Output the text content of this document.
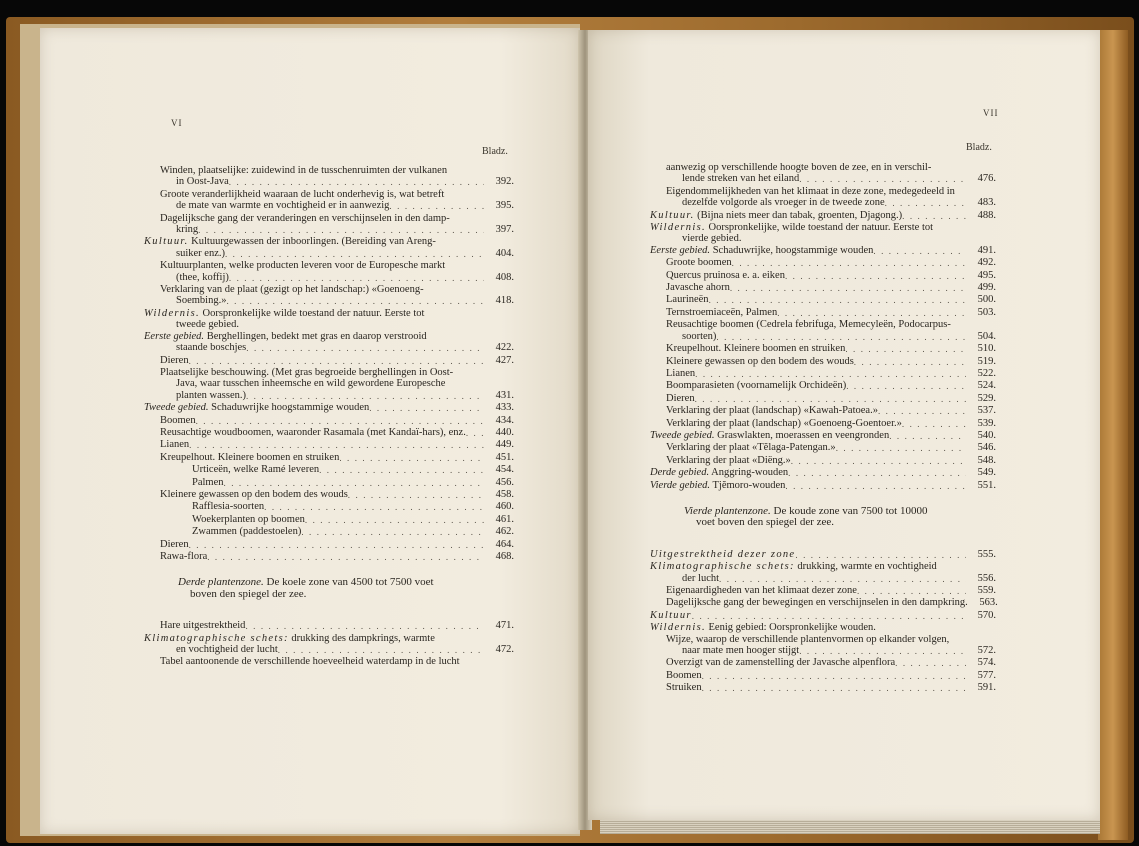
VI
Bladz.
Winden, plaatselijke: zuidewind in de tusschenruimten der vulkanen
in Oost-Java . . .	392.
Groote veranderlijkheid waaraan de lucht onderhevig is, wat betreft
de mate van warmte en vochtigheid er in aanwezig . . .	395.
Dagelijksche gang der veranderingen en verschijnselen in den damp-
kring . . .	397.
Kultuur. Kultuurgewassen der inboorlingen. (Bereiding van Areng-
suiker enz.) . . .	404.
Kultuurplanten, welke producten leveren voor de Europesche markt
(thee, koffij) . . .	408.
Verklaring van de plaat (gezigt op het landschap:) «Goenoeng-
Soembing.» . . .	418.
Wildernis. Oorspronkelijke wilde toestand der natuur. Eerste tot
tweede gebied.
Eerste gebied. Berghellingen, bedekt met gras en daarop verstrooid
staande boschjes . . .	422.
Dieren . . .	427.
Plaatselijke beschouwing. (Met gras begroeide berghellingen in Oost-
Java, waar tusschen inheemsche en wild gewordene Europesche
planten wassen.) . . .	431.
Tweede gebied. Schaduwrijke hoogstammige wouden . . .	433.
Boomen . . .	434.
Reusachtige woudboomen, waaronder Rasamala (met Kandaï-hars), enz. . . .	440.
Lianen . . .	449.
Kreupelhout. Kleinere boomen en struiken . . .	451.
Urticeën, welke Ramé leveren . . .	454.
Palmen . . .	456.
Kleinere gewassen op den bodem des wouds . . .	458.
Rafflesia-soorten . . .	460.
Woekerplanten op boomen . . .	461.
Zwammen (paddestoelen) . . .	462.
Dieren . . .	464.
Rawa-flora . . .	468.
Derde plantenzone. De koele zone van 4500 tot 7500 voet
boven den spiegel der zee.
Hare uitgestrektheid . . .	471.
Klimatographische schets: drukking des dampkrings, warmte
en vochtigheid der lucht . . .	472.
Tabel aantoonende de verschillende hoeveelheid waterdamp in de lucht
VII
Bladz.
aanwezig op verschillende hoogte boven de zee, en in verschil-
lende streken van het eiland . . .	476.
Eigendommelijkheden van het klimaat in deze zone, medegedeeld in
dezelfde volgorde als vroeger in de tweede zone . . .	483.
Kultuur. (Bijna niets meer dan tabak, groenten, Djagong.) . . .	488.
Wildernis. Oorspronkelijke, wilde toestand der natuur. Eerste tot
vierde gebied.
Eerste gebied. Schaduwrijke, hoogstammige wouden . . .	491.
Groote boomen . . .	492.
Quercus pruinosa e. a. eiken . . .	495.
Javasche ahorn . . .	499.
Laurineën . . .	500.
Ternstroemiaceën, Palmen . . .	503.
Reusachtige boomen (Cedrela febrifuga, Memecyleën, Podocarpus-
soorten) . . .	504.
Kreupelhout. Kleinere boomen en struiken . . .	510.
Kleinere gewassen op den bodem des wouds . . .	519.
Lianen . . .	522.
Boomparasieten (voornamelijk Orchideën) . . .	524.
Dieren . . .	529.
Verklaring der plaat (landschap) «Kawah-Patoea.» . . .	537.
Verklaring der plaat (landschap) «Goenoeng-Goentoer.» . . .	539.
Tweede gebied. Graswlakten, moerassen en veengronden . . .	540.
Verklaring der plaat «Tĕlaga-Patengan.» . . .	546.
Verklaring der plaat «Diëng.» . . .	548.
Derde gebied. Anggring-wouden . . .	549.
Vierde gebied. Tjĕmoro-wouden . . .	551.
Vierde plantenzone. De koude zone van 7500 tot 10000
voet boven den spiegel der zee.
Uitgestrektheid dezer zone . . .	555.
Klimatographische schets: drukking, warmte en vochtigheid
der lucht . . .	556.
Eigenaardigheden van het klimaat dezer zone . . .	559.
Dagelijksche gang der bewegingen en verschijnselen in den dampkring.	563.
Kultuur . . .	570.
Wildernis. Eenig gebied: Oorspronkelijke wouden.
Wijze, waarop de verschillende plantenvormen op elkander volgen,
naar mate men hooger stijgt . . .	572.
Overzigt van de zamenstelling der Javasche alpenflora . . .	574.
Boomen . . .	577.
Struiken . . .	591.
